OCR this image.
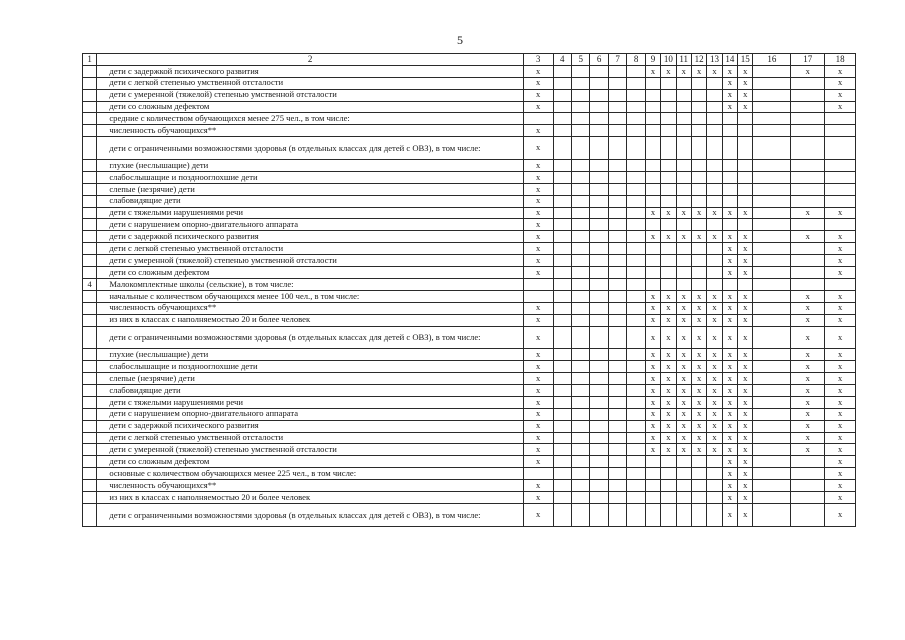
5
1	2	3	4	5	6	7	8	9	10	11	12	13	14	15	16	17	18
	дети с задержкой психического развития	x						x	x	x	x	x	x	x		x	x
	дети с легкой степенью умственной отсталости	x											x	x			x
	дети с умеренной (тяжелой) степенью умственной отсталости	x											x	x			x
	дети со сложным дефектом	x											x	x			x
	средние с количеством обучающихся менее 275 чел., в том числе:																
	численность обучающихся**	x															
	дети с ограниченными возможностями здоровья (в отдельных классах для детей с ОВЗ), в том числе:	x															
	глухие (неслышащие) дети	x															
	слабослышащие и позднооглохшие дети	x															
	слепые (незрячие) дети	x															
	слабовидящие дети	x															
	дети с тяжелыми нарушениями речи	x						x	x	x	x	x	x	x		x	x
	дети с нарушением опорно-двигательного аппарата	x															
	дети с задержкой психического развития	x						x	x	x	x	x	x	x		x	x
	дети с легкой степенью умственной отсталости	x											x	x			x
	дети с умеренной (тяжелой) степенью умственной отсталости	x											x	x			x
	дети со сложным дефектом	x											x	x			x
4	Малокомплектные школы (сельские), в том числе:																
	начальные с количеством обучающихся менее 100 чел., в том числе:							x	x	x	x	x	x	x		x	x
	численность обучающихся**	x						x	x	x	x	x	x	x		x	x
	из них в классах с наполняемостью 20 и более человек	x						x	x	x	x	x	x	x		x	x
	дети с ограниченными возможностями здоровья (в отдельных классах для детей с ОВЗ), в том числе:	x						x	x	x	x	x	x	x		x	x
	глухие (неслышащие) дети	x						x	x	x	x	x	x	x		x	x
	слабослышащие и позднооглохшие дети	x						x	x	x	x	x	x	x		x	x
	слепые (незрячие) дети	x						x	x	x	x	x	x	x		x	x
	слабовидящие дети	x						x	x	x	x	x	x	x		x	x
	дети с тяжелыми нарушениями речи	x						x	x	x	x	x	x	x		x	x
	дети с нарушением опорно-двигательного аппарата	x						x	x	x	x	x	x	x		x	x
	дети с задержкой психического развития	x						x	x	x	x	x	x	x		x	x
	дети с легкой степенью умственной отсталости	x						x	x	x	x	x	x	x		x	x
	дети с умеренной (тяжелой) степенью умственной отсталости	x						x	x	x	x	x	x	x		x	x
	дети со сложным дефектом	x											x	x			x
	основные с количеством обучающихся менее 225 чел., в том числе:												x	x			x
	численность обучающихся**	x											x	x			x
	из них в классах с наполняемостью 20 и более человек	x											x	x			x
	дети с ограниченными возможностями здоровья (в отдельных классах для детей с ОВЗ), в том числе:	x											x	x			x
